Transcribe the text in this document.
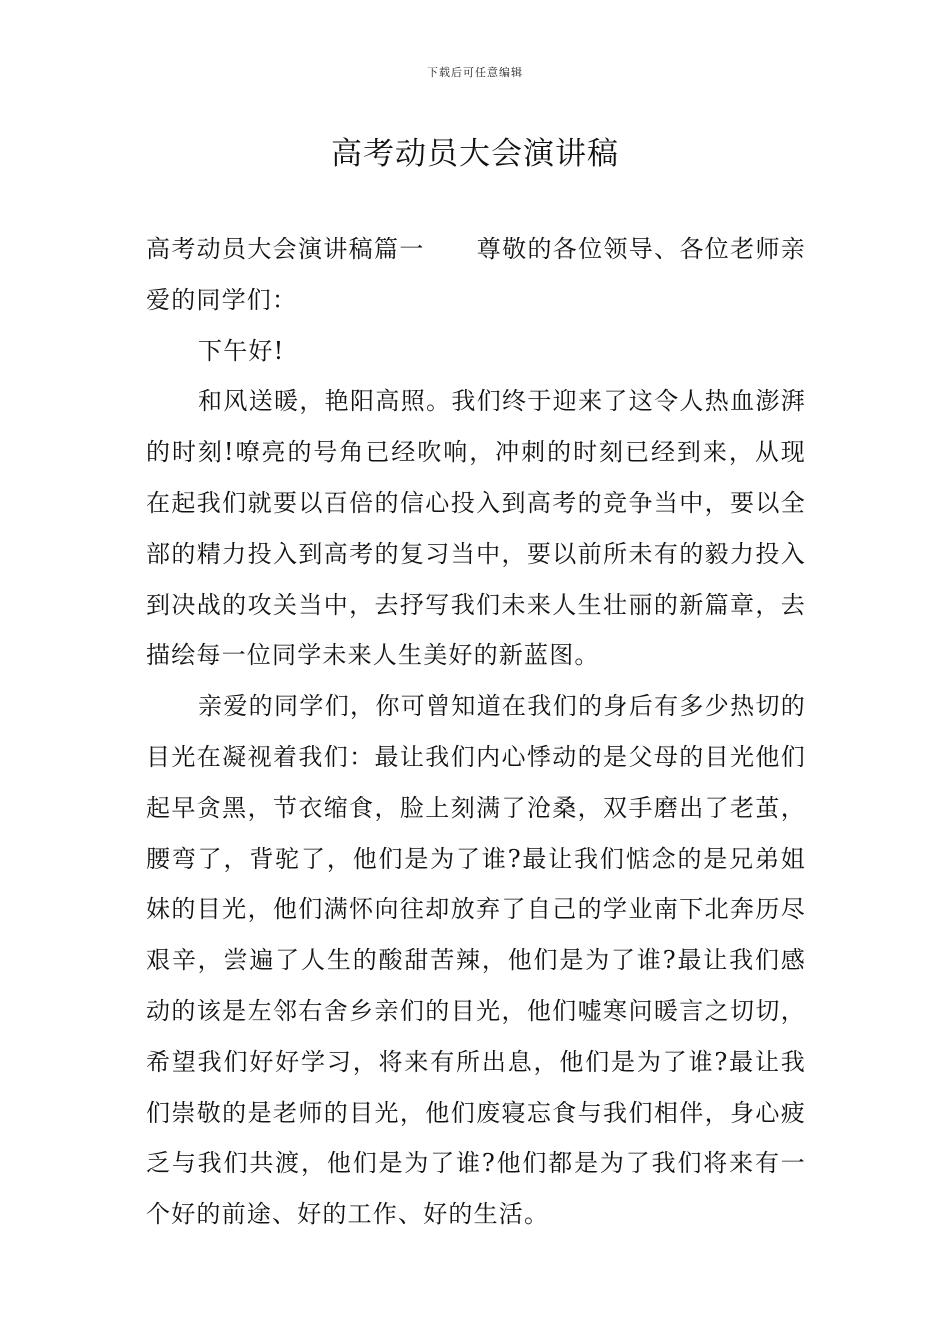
下载后可任意编辑
高考动员大会演讲稿

高考动员大会演讲稿篇一 尊敬的各位领导、各位老师亲爱的同学们：

下午好!

和风送暖，艳阳高照。我们终于迎来了这令人热血澎湃的时刻!嘹亮的号角已经吹响，冲刺的时刻已经到来，从现在起我们就要以百倍的信心投入到高考的竞争当中，要以全部的精力投入到高考的复习当中，要以前所未有的毅力投入到决战的攻关当中，去抒写我们未来人生壮丽的新篇章，去描绘每一位同学未来人生美好的新蓝图。

亲爱的同学们，你可曾知道在我们的身后有多少热切的目光在凝视着我们：最让我们内心悸动的是父母的目光他们起早贪黑，节衣缩食，脸上刻满了沧桑，双手磨出了老茧，腰弯了，背驼了，他们是为了谁?最让我们惦念的是兄弟姐妹的目光，他们满怀向往却放弃了自己的学业南下北奔历尽艰辛，尝遍了人生的酸甜苦辣，他们是为了谁?最让我们感动的该是左邻右舍乡亲们的目光，他们嘘寒问暖言之切切，希望我们好好学习，将来有所出息，他们是为了谁?最让我们崇敬的是老师的目光，他们废寝忘食与我们相伴，身心疲乏与我们共渡，他们是为了谁?他们都是为了我们将来有一个好的前途、好的工作、好的生活。
